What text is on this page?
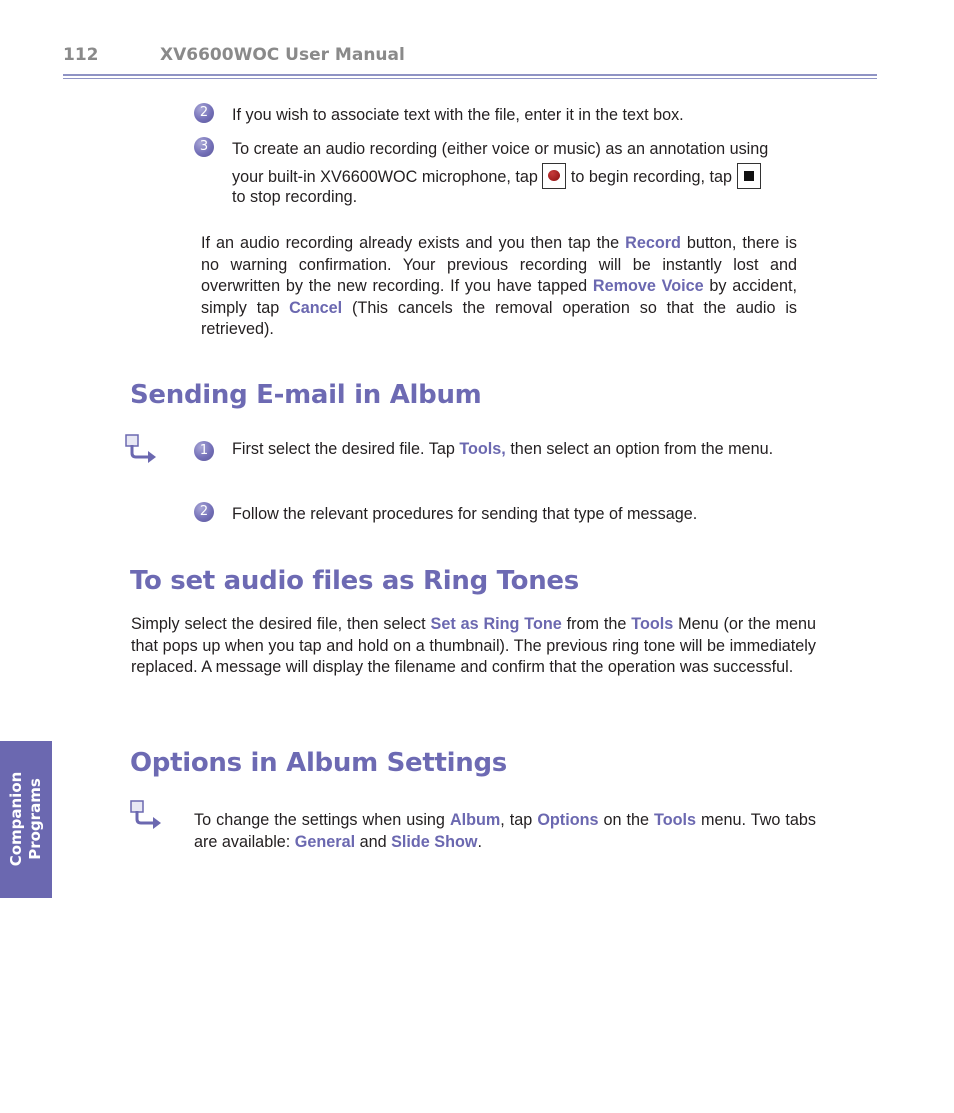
112	XV6600WOC User Manual
2	If you wish to associate text with the file, enter it in the text box.
3	To create an audio recording (either voice or music) as an annotation using
your built-in XV6600WOC microphone, tap to begin recording, tap
to stop recording.
If an audio recording already exists and you then tap the Record button, there is no warning confirmation. Your previous recording will be instantly lost and overwritten by the new recording. If you have tapped Remove Voice by accident, simply tap Cancel (This cancels the removal operation so that the audio is retrieved).
Sending E-mail in Album
1	First select the desired file. Tap Tools, then select an option from the menu.
2	Follow the relevant procedures for sending that type of message.
To set audio files as Ring Tones
Simply select the desired file, then select Set as Ring Tone from the Tools Menu (or the menu that pops up when you tap and hold on a thumbnail). The previous ring tone will be immediately replaced. A message will display the filename and confirm that the operation was successful.
Options in Album Settings
To change the settings when using Album, tap Options on the Tools menu. Two tabs are available: General and Slide Show.
Companion Programs
